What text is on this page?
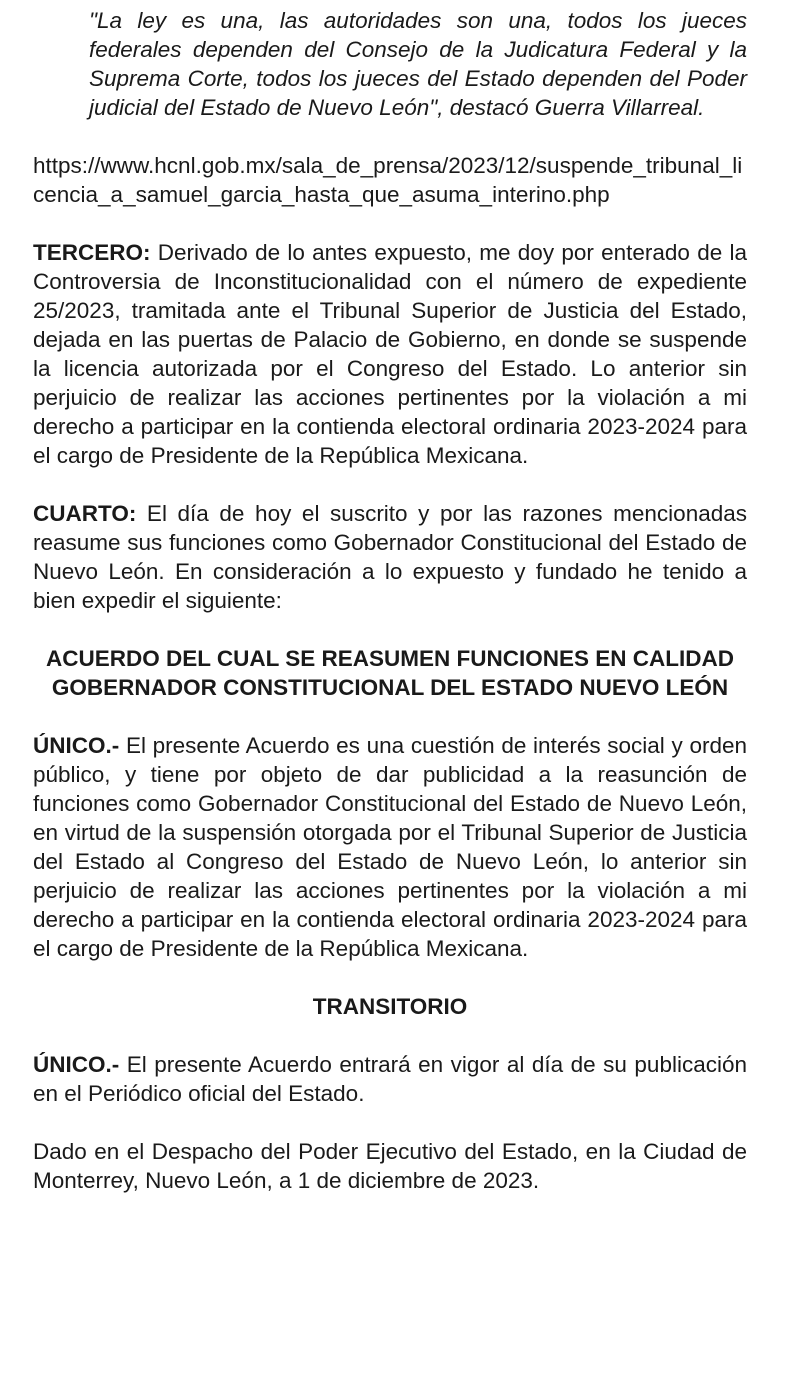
"La ley es una, las autoridades son una, todos los jueces federales dependen del Consejo de la Judicatura Federal y la Suprema Corte, todos los jueces del Estado dependen del Poder judicial del Estado de Nuevo León", destacó Guerra Villarreal.

https://www.hcnl.gob.mx/sala_de_prensa/2023/12/suspende_tribunal_licencia_a_samuel_garcia_hasta_que_asuma_interino.php

TERCERO: Derivado de lo antes expuesto, me doy por enterado de la Controversia de Inconstitucionalidad con el número de expediente 25/2023, tramitada ante el Tribunal Superior de Justicia del Estado, dejada en las puertas de Palacio de Gobierno, en donde se suspende la licencia autorizada por el Congreso del Estado. Lo anterior sin perjuicio de realizar las acciones pertinentes por la violación a mi derecho a participar en la contienda electoral ordinaria 2023-2024 para el cargo de Presidente de la República Mexicana.

CUARTO: El día de hoy el suscrito y por las razones mencionadas reasume sus funciones como Gobernador Constitucional del Estado de Nuevo León. En consideración a lo expuesto y fundado he tenido a bien expedir el siguiente:

ACUERDO DEL CUAL SE REASUMEN FUNCIONES EN CALIDAD GOBERNADOR CONSTITUCIONAL DEL ESTADO NUEVO LEÓN

ÚNICO.- El presente Acuerdo es una cuestión de interés social y orden público, y tiene por objeto de dar publicidad a la reasunción de funciones como Gobernador Constitucional del Estado de Nuevo León, en virtud de la suspensión otorgada por el Tribunal Superior de Justicia del Estado al Congreso del Estado de Nuevo León, lo anterior sin perjuicio de realizar las acciones pertinentes por la violación a mi derecho a participar en la contienda electoral ordinaria 2023-2024 para el cargo de Presidente de la República Mexicana.

TRANSITORIO

ÚNICO.- El presente Acuerdo entrará en vigor al día de su publicación en el Periódico oficial del Estado.

Dado en el Despacho del Poder Ejecutivo del Estado, en la Ciudad de Monterrey, Nuevo León, a 1 de diciembre de 2023.
